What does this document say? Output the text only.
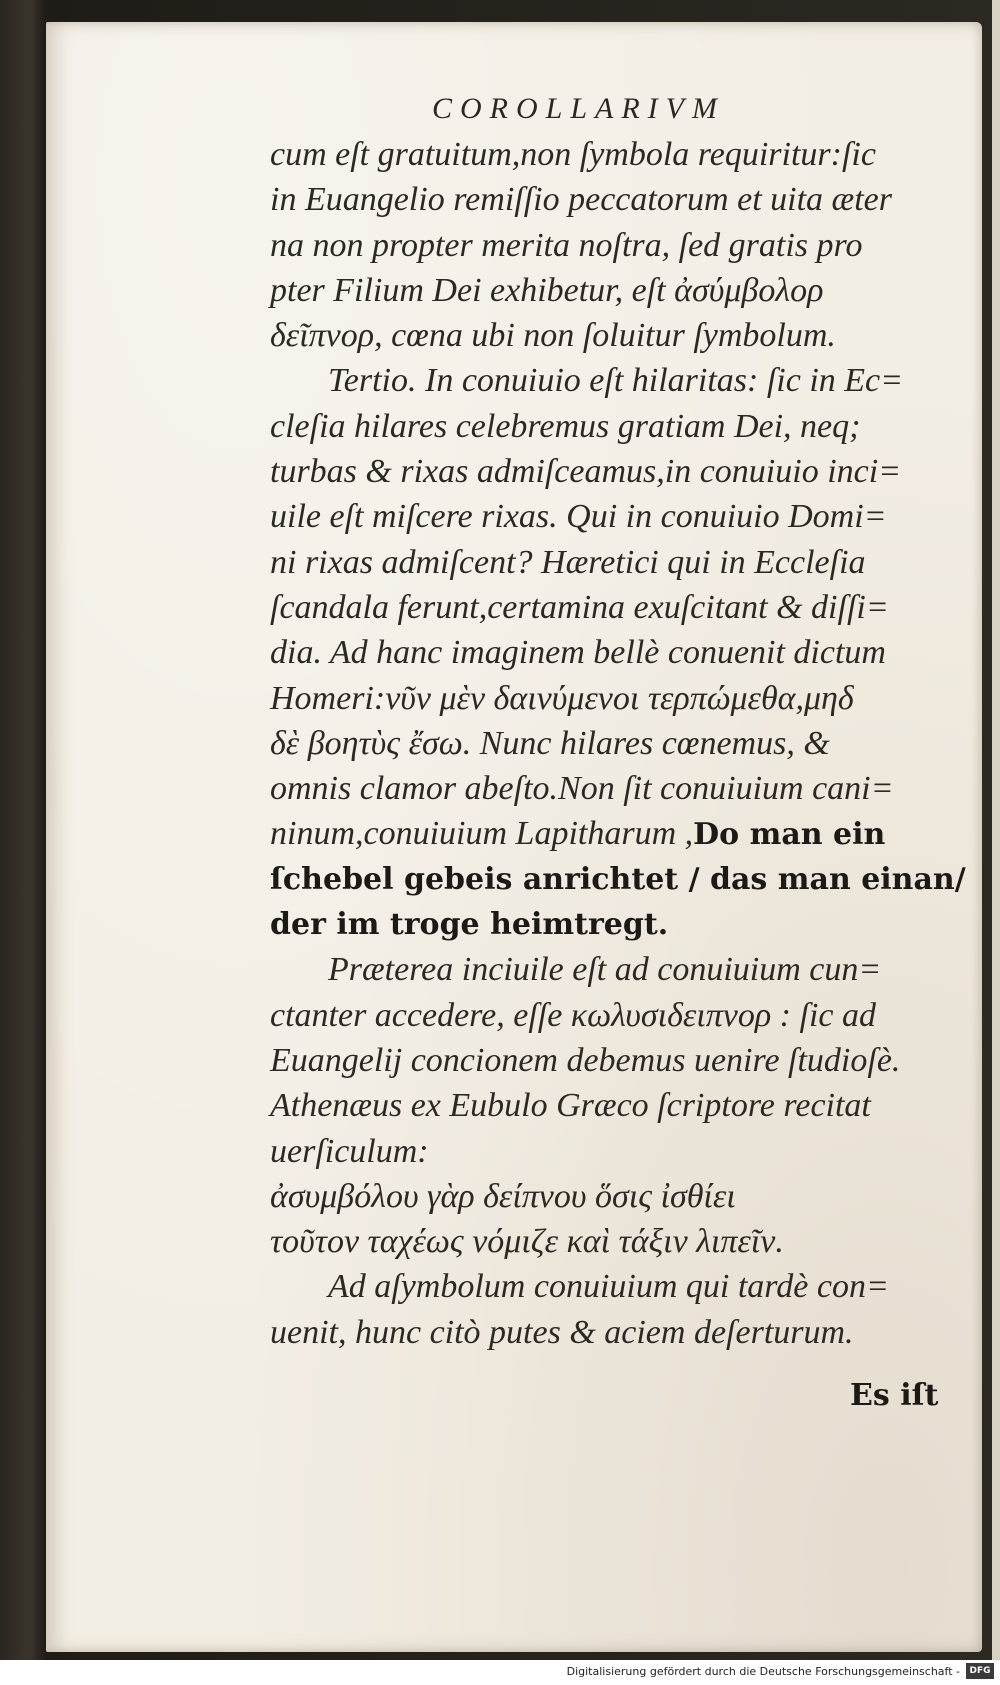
COROLLARIVM
cum eſt gratuitum,non ſymbola requiritur:ſic
in Euangelio remiſſio peccatorum et uita æter
na non propter merita noſtra, ſed gratis pro
pter Filium Dei exhibetur, eſt ἀσύμβολορ
δεῖπνορ, cœna ubi non ſoluitur ſymbolum.
Tertio. In conuiuio eſt hilaritas: ſic in Ec=
cleſia hilares celebremus gratiam Dei, neq;
turbas & rixas admiſceamus,in conuiuio inci=
uile eſt miſcere rixas. Qui in conuiuio Domi=
ni rixas admiſcent? Hæretici qui in Eccleſia
ſcandala ferunt,certamina exuſcitant & diſſi=
dia. Ad hanc imaginem bellè conuenit dictum
Homeri:νῦν μὲν δαινύμενοι τερπώμεθα,μηδ
δὲ βοητὺς ἔσω. Nunc hilares cœnemus, &
omnis clamor abeſto.Non ſit conuiuium cani=
ninum,conuiuium Lapitharum ,Do man ein
ſchebel gebeis anrichtet / das man einan/
der im troge heimtregt.
Præterea inciuile eſt ad conuiuium cun=
ctanter accedere, eſſe κωλυσιδειπνορ : ſic ad
Euangelij concionem debemus uenire ſtudioſè.
Athenæus ex Eubulo Græco ſcriptore recitat
uerſiculum:
ἀσυμβόλου γὰρ δείπνου ὅσις ἰσθίει
τοῦτον ταχέως νόμιζε καὶ τάξιν λιπεῖν.
Ad aſymbolum conuiuium qui tardè con=
uenit, hunc citò putes & aciem deſerturum.
Es iſt
Digitalisierung gefördert durch die Deutsche Forschungsgemeinschaft -	DFG
